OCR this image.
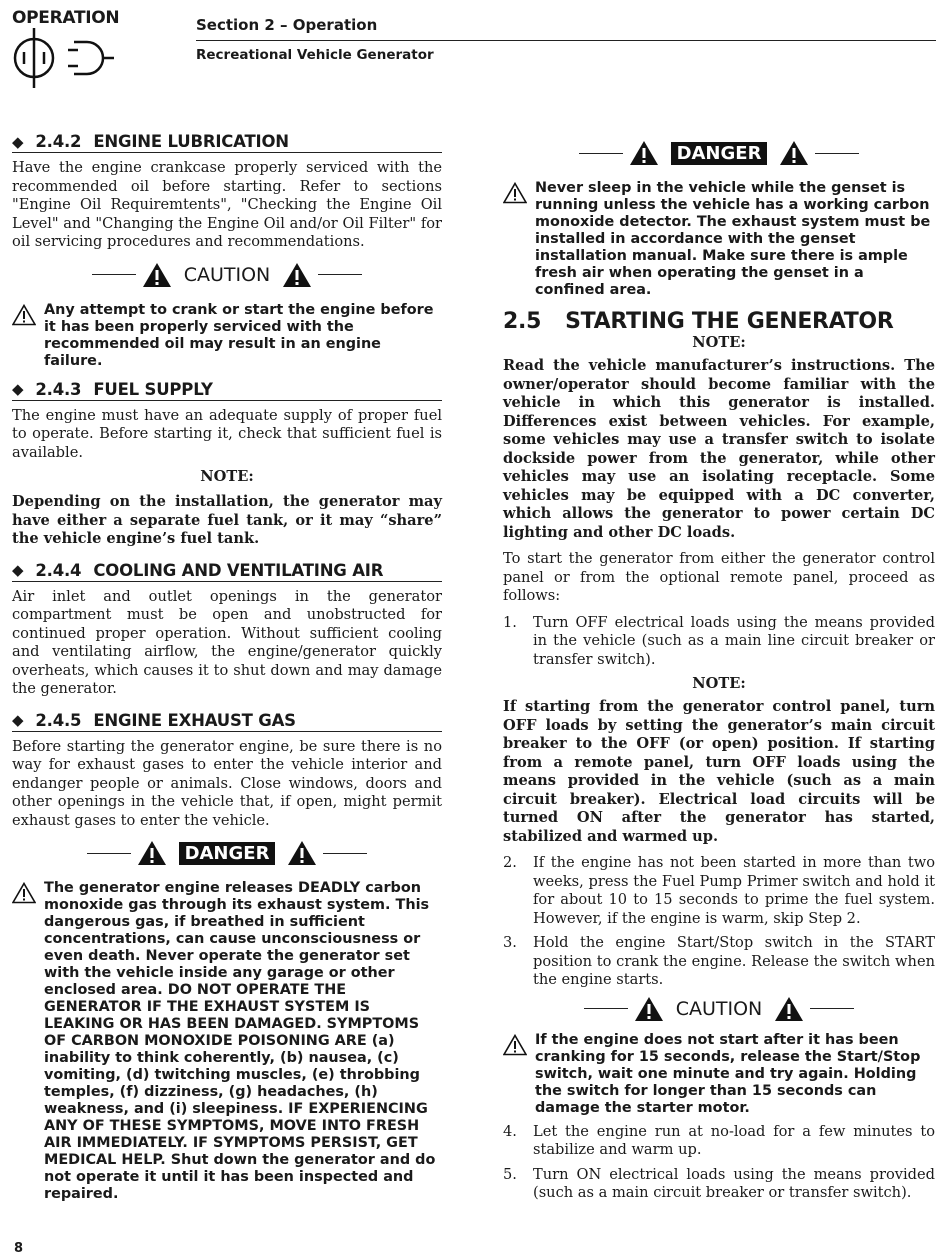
OPERATION	Section 2 – Operation
Recreational Vehicle Generator
◆ 2.4.2 ENGINE LUBRICATION

Have the engine crankcase properly serviced with the recommended oil before starting. Refer to sections "Engine Oil Requiremtents", "Checking the Engine Oil Level" and "Changing the Engine Oil and/or Oil Filter" for oil servicing procedures and recommendations.

CAUTION
Any attempt to crank or start the engine before it has been properly serviced with the recommended oil may result in an engine failure.
◆ 2.4.3 FUEL SUPPLY

The engine must have an adequate supply of proper fuel to operate. Before starting it, check that sufficient fuel is available.

NOTE:

Depending on the installation, the generator may have either a separate fuel tank, or it may “share” the vehicle engine’s fuel tank.

◆ 2.4.4 COOLING AND VENTILATING AIR

Air inlet and outlet openings in the generator compartment must be open and unobstructed for continued proper operation. Without sufficient cooling and ventilating airflow, the engine/generator quickly overheats, which causes it to shut down and may damage the generator.

◆ 2.4.5 ENGINE EXHAUST GAS

Before starting the generator engine, be sure there is no way for exhaust gases to enter the vehicle interior and endanger people or animals. Close windows, doors and other openings in the vehicle that, if open, might permit exhaust gases to enter the vehicle.

DANGER
The generator engine releases DEADLY carbon monoxide gas through its exhaust system. This dangerous gas, if breathed in sufficient concentrations, can cause unconsciousness or even death. Never operate the generator set with the vehicle inside any garage or other enclosed area. DO NOT OPERATE THE GENERATOR IF THE EXHAUST SYSTEM IS LEAKING OR HAS BEEN DAMAGED. SYMPTOMS OF CARBON MONOXIDE POISONING ARE (a) inability to think coherently, (b) nausea, (c) vomiting, (d) twitching muscles, (e) throbbing temples, (f) dizziness, (g) headaches, (h) weakness, and (i) sleepiness. IF EXPERIENCING ANY OF THESE SYMPTOMS, MOVE INTO FRESH AIR IMMEDIATELY. IF SYMPTOMS PERSIST, GET MEDICAL HELP. Shut down the generator and do not operate it until it has been inspected and repaired.
DANGER
Never sleep in the vehicle while the genset is running unless the vehicle has a working carbon monoxide detector. The exhaust system must be installed in accordance with the genset installation manual. Make sure there is ample fresh air when operating the genset in a confined area.
2.5 STARTING THE GENERATOR
NOTE:

Read the vehicle manufacturer’s instructions. The owner/operator should become familiar with the vehicle in which this generator is installed. Differences exist between vehicles. For example, some vehicles may use a transfer switch to isolate dockside power from the generator, while other vehicles may use an isolating receptacle. Some vehicles may be equipped with a DC converter, which allows the generator to power certain DC lighting and other DC loads.

To start the generator from either the generator control panel or from the optional remote panel, proceed as follows:

1.	Turn OFF electrical loads using the means provided in the vehicle (such as a main line circuit breaker or transfer switch).
NOTE:

If starting from the generator control panel, turn OFF loads by setting the generator’s main circuit breaker to the OFF (or open) position. If starting from a remote panel, turn OFF loads using the means provided in the vehicle (such as a main circuit breaker). Electrical load circuits will be turned ON after the generator has started, stabilized and warmed up.

2.	If the engine has not been started in more than two weeks, press the Fuel Pump Primer switch and hold it for about 10 to 15 seconds to prime the fuel system. However, if the engine is warm, skip Step 2.
3.	Hold the engine Start/Stop switch in the START position to crank the engine. Release the switch when the engine starts.
CAUTION
If the engine does not start after it has been cranking for 15 seconds, release the Start/Stop switch, wait one minute and try again. Holding the switch for longer than 15 seconds can damage the starter motor.
4.	Let the engine run at no-load for a few minutes to stabilize and warm up.
5.	Turn ON electrical loads using the means provided (such as a main circuit breaker or transfer switch).
8
